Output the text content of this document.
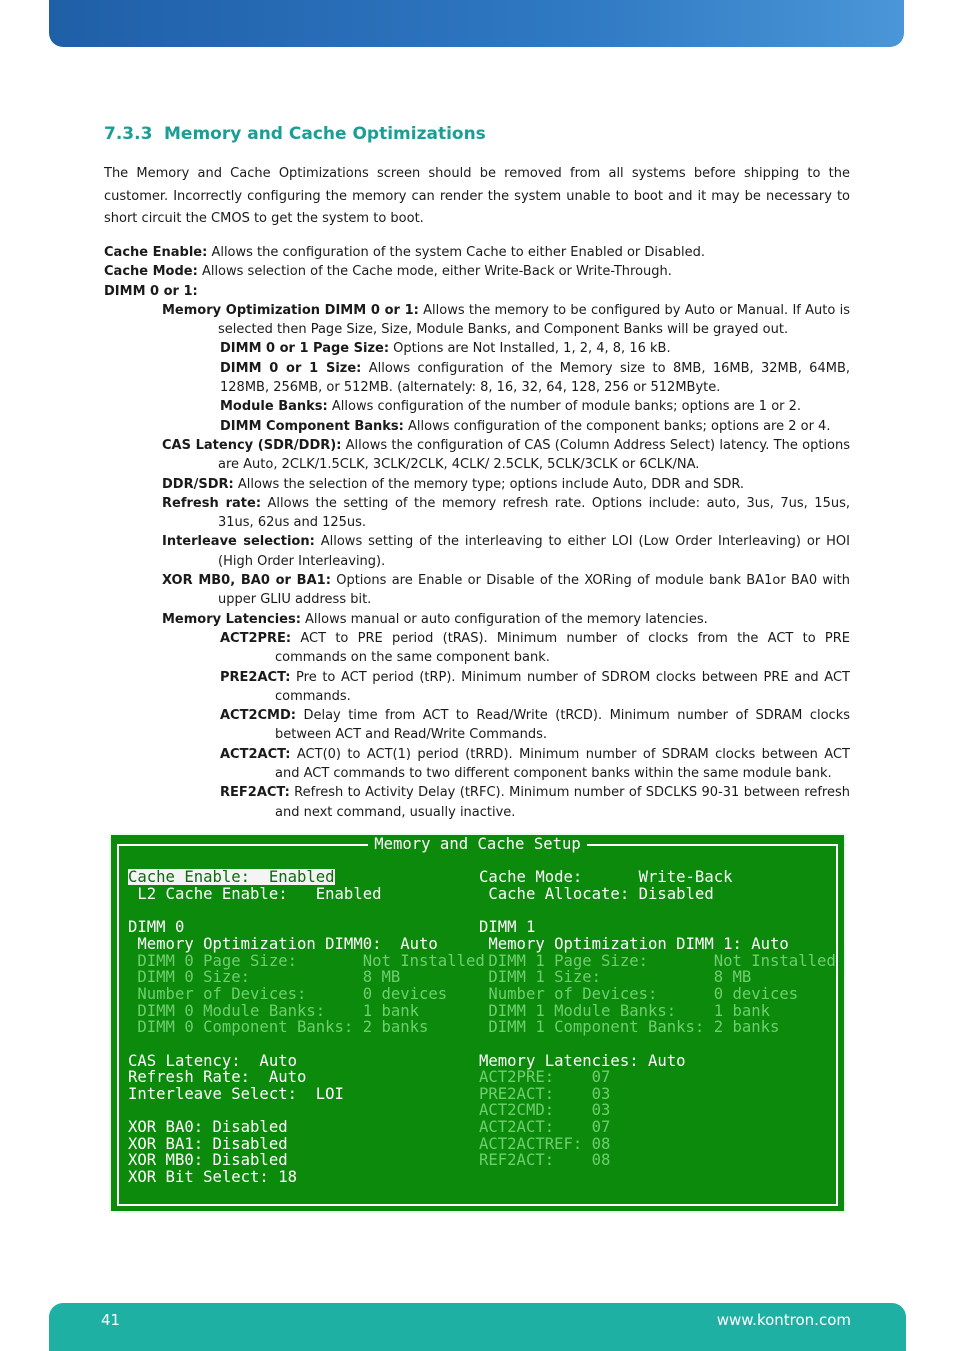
7.3.3 Memory and Cache Optimizations
The Memory and Cache Optimizations screen should be removed from all systems before shipping to the customer. Incorrectly configuring the memory can render the system unable to boot and it may be necessary to short circuit the CMOS to get the system to boot.
Cache Enable: Allows the configuration of the system Cache to either Enabled or Disabled.
Cache Mode: Allows selection of the Cache mode, either Write-Back or Write-Through.
DIMM 0 or 1:
Memory Optimization DIMM 0 or 1: Allows the memory to be configured by Auto or Manual. If Auto is selected then Page Size, Size, Module Banks, and Component Banks will be grayed out.
DIMM 0 or 1 Page Size: Options are Not Installed, 1, 2, 4, 8, 16 kB.
DIMM 0 or 1 Size: Allows configuration of the Memory size to 8MB, 16MB, 32MB, 64MB, 128MB, 256MB, or 512MB. (alternately: 8, 16, 32, 64, 128, 256 or 512MByte.
Module Banks: Allows configuration of the number of module banks; options are 1 or 2.
DIMM Component Banks: Allows configuration of the component banks; options are 2 or 4.
CAS Latency (SDR/DDR): Allows the configuration of CAS (Column Address Select) latency. The options are Auto, 2CLK/1.5CLK, 3CLK/2CLK, 4CLK/ 2.5CLK, 5CLK/3CLK or 6CLK/NA.
DDR/SDR: Allows the selection of the memory type; options include Auto, DDR and SDR.
Refresh rate: Allows the setting of the memory refresh rate. Options include: auto, 3us, 7us, 15us, 31us, 62us and 125us.
Interleave selection: Allows setting of the interleaving to either LOI (Low Order Interleaving) or HOI (High Order Interleaving).
XOR MB0, BA0 or BA1: Options are Enable or Disable of the XORing of module bank BA1or BA0 with upper GLIU address bit.
Memory Latencies: Allows manual or auto configuration of the memory latencies.
ACT2PRE: ACT to PRE period (tRAS). Minimum number of clocks from the ACT to PRE commands on the same component bank.
PRE2ACT: Pre to ACT period (tRP). Minimum number of SDROM clocks between PRE and ACT commands.
ACT2CMD: Delay time from ACT to Read/Write (tRCD). Minimum number of SDRAM clocks between ACT and Read/Write Commands.
ACT2ACT: ACT(0) to ACT(1) period (tRRD). Minimum number of SDRAM clocks between ACT and ACT commands to two different component banks within the same module bank.
REF2ACT: Refresh to Activity Delay (tRFC). Minimum number of SDCLKS 90-31 between refresh and next command, usually inactive.
Memory and Cache Setup
Cache Enable:  Enabled
L2 Cache Enable:   Enabled
DIMM 0
Memory Optimization DIMM0:  Auto
DIMM 0 Page Size:       Not Installed
DIMM 0 Size:            8 MB
Number of Devices:      0 devices
DIMM 0 Module Banks:    1 bank
DIMM 0 Component Banks: 2 banks
CAS Latency:  Auto
Refresh Rate:  Auto
Interleave Select:  LOI
XOR BA0: Disabled
XOR BA1: Disabled
XOR MB0: Disabled
XOR Bit Select: 18
Cache Mode:      Write-Back
Cache Allocate: Disabled
DIMM 1
Memory Optimization DIMM 1: Auto
DIMM 1 Page Size:       Not Installed
DIMM 1 Size:            8 MB
Number of Devices:      0 devices
DIMM 1 Module Banks:    1 bank
DIMM 1 Component Banks: 2 banks
Memory Latencies: Auto
ACT2PRE:    07
PRE2ACT:    03
ACT2CMD:    03
ACT2ACT:    07
ACT2ACTREF: 08
REF2ACT:    08
41	www.kontron.com
